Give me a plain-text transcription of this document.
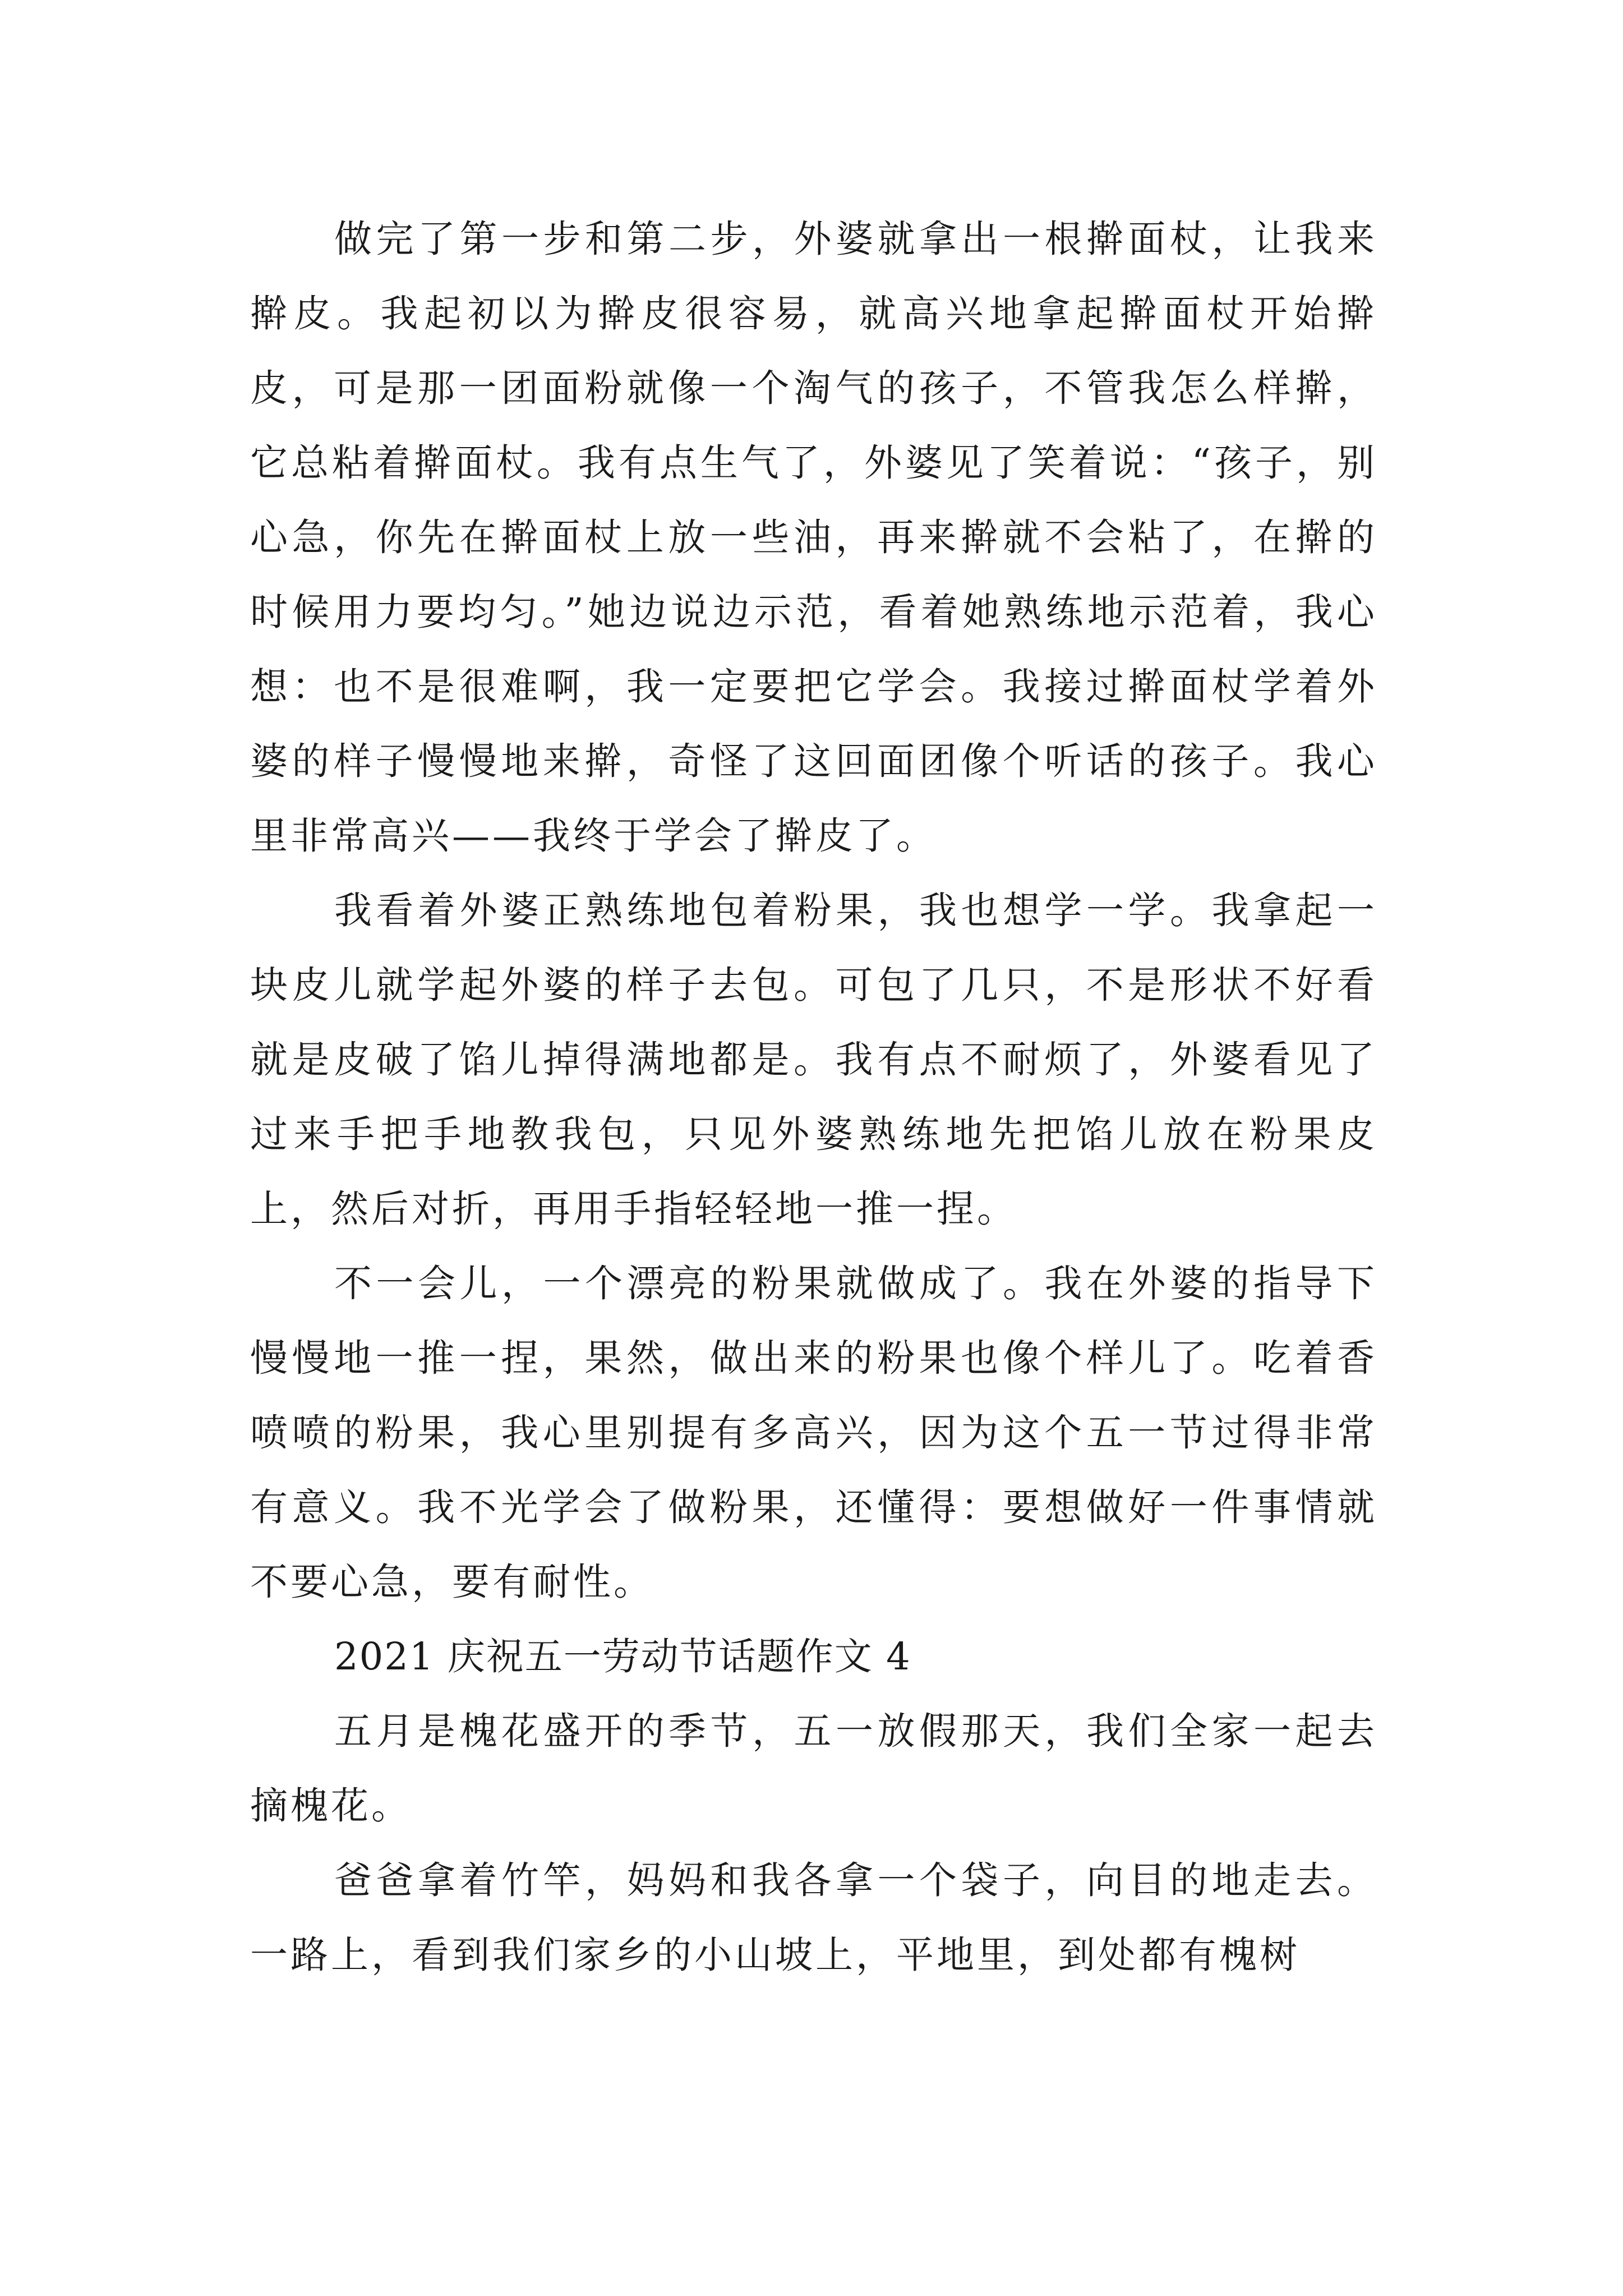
做完了第一步和第二步，外婆就拿出一根擀面杖，让我来擀皮。我起初以为擀皮很容易，就高兴地拿起擀面杖开始擀皮，可是那一团面粉就像一个淘气的孩子，不管我怎么样擀，它总粘着擀面杖。我有点生气了，外婆见了笑着说：“孩子，别心急，你先在擀面杖上放一些油，再来擀就不会粘了，在擀的时候用力要均匀。”她边说边示范，看着她熟练地示范着，我心想：也不是很难啊，我一定要把它学会。我接过擀面杖学着外婆的样子慢慢地来擀，奇怪了这回面团像个听话的孩子。我心里非常高兴——我终于学会了擀皮了。

我看着外婆正熟练地包着粉果，我也想学一学。我拿起一块皮儿就学起外婆的样子去包。可包了几只，不是形状不好看就是皮破了馅儿掉得满地都是。我有点不耐烦了，外婆看见了过来手把手地教我包，只见外婆熟练地先把馅儿放在粉果皮上，然后对折，再用手指轻轻地一推一捏。

不一会儿，一个漂亮的粉果就做成了。我在外婆的指导下慢慢地一推一捏，果然，做出来的粉果也像个样儿了。吃着香喷喷的粉果，我心里别提有多高兴，因为这个五一节过得非常有意义。我不光学会了做粉果，还懂得：要想做好一件事情就不要心急，要有耐性。

2021 庆祝五一劳动节话题作文 4

五月是槐花盛开的季节，五一放假那天，我们全家一起去摘槐花。

爸爸拿着竹竿，妈妈和我各拿一个袋子，向目的地走去。一路上，看到我们家乡的小山坡上，平地里，到处都有槐树
